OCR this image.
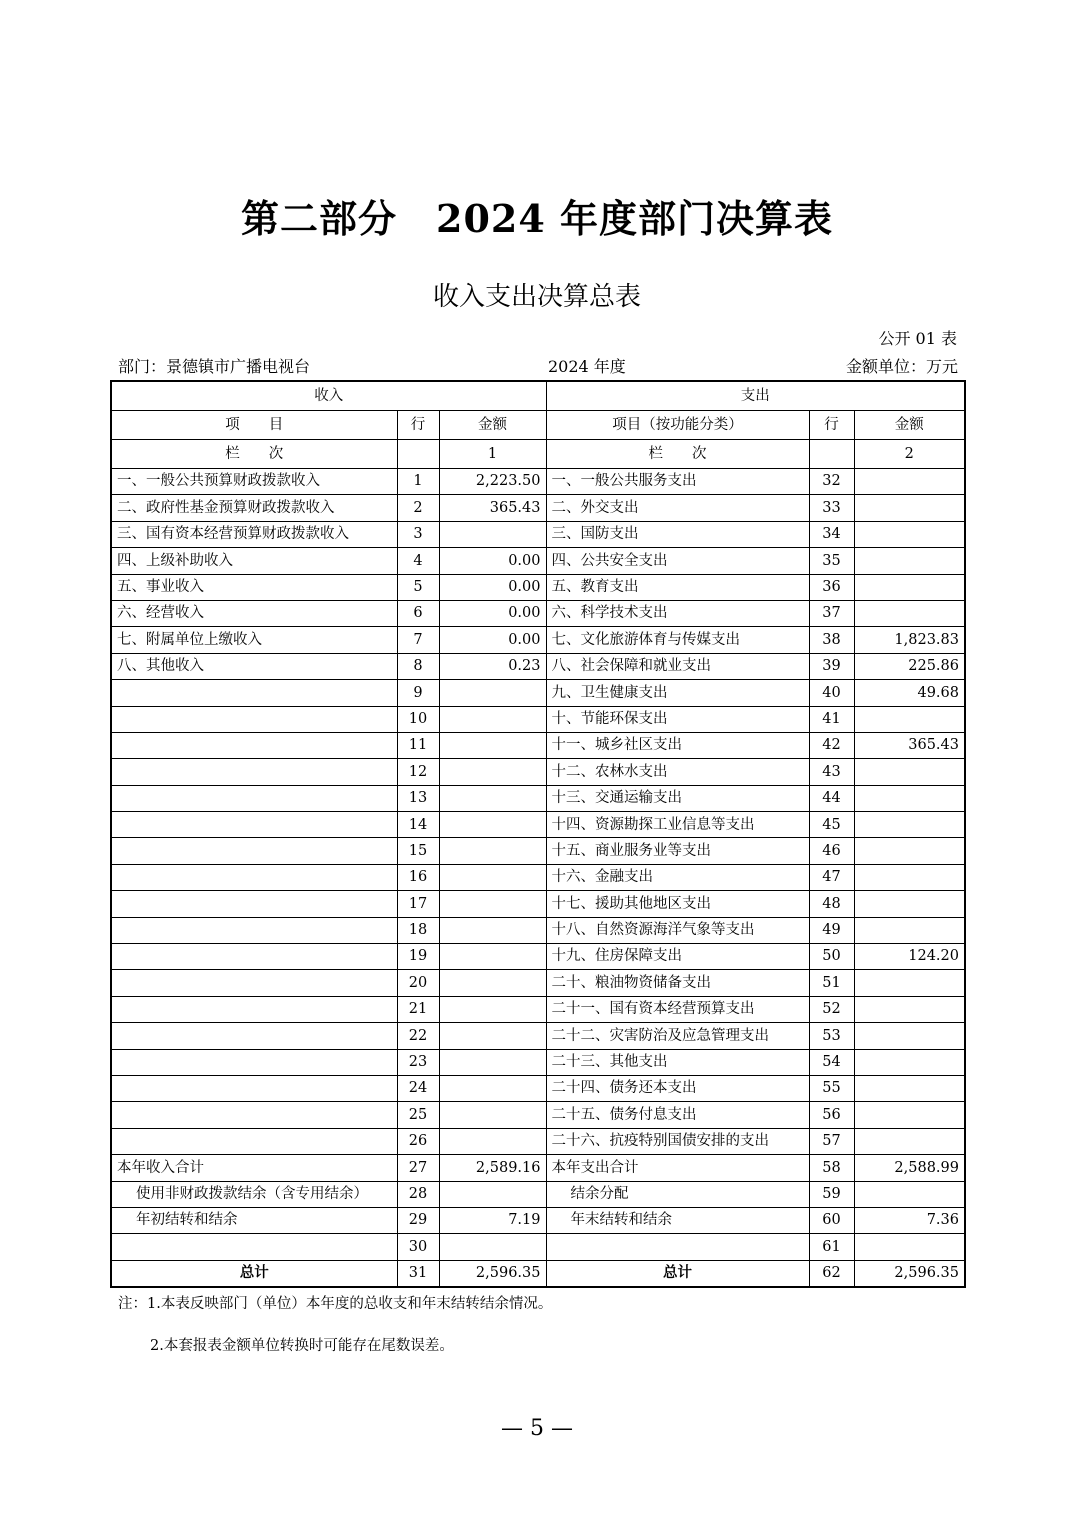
第二部分　2024 年度部门决算表
收入支出决算总表
公开 01 表
部门：景德镇市广播电视台	2024 年度	金额单位：万元
收入			支出		
项　　目	行	金额	项目（按功能分类）	行	金额
栏　　次		1	栏　　次		2
一、一般公共预算财政拨款收入	1	2,223.50	一、一般公共服务支出	32	
二、政府性基金预算财政拨款收入	2	365.43	二、外交支出	33	
三、国有资本经营预算财政拨款收入	3		三、国防支出	34	
四、上级补助收入	4	0.00	四、公共安全支出	35	
五、事业收入	5	0.00	五、教育支出	36	
六、经营收入	6	0.00	六、科学技术支出	37	
七、附属单位上缴收入	7	0.00	七、文化旅游体育与传媒支出	38	1,823.83
八、其他收入	8	0.23	八、社会保障和就业支出	39	225.86
	9		九、卫生健康支出	40	49.68
	10		十、节能环保支出	41	
	11		十一、城乡社区支出	42	365.43
	12		十二、农林水支出	43	
	13		十三、交通运输支出	44	
	14		十四、资源勘探工业信息等支出	45	
	15		十五、商业服务业等支出	46	
	16		十六、金融支出	47	
	17		十七、援助其他地区支出	48	
	18		十八、自然资源海洋气象等支出	49	
	19		十九、住房保障支出	50	124.20
	20		二十、粮油物资储备支出	51	
	21		二十一、国有资本经营预算支出	52	
	22		二十二、灾害防治及应急管理支出	53	
	23		二十三、其他支出	54	
	24		二十四、债务还本支出	55	
	25		二十五、债务付息支出	56	
	26		二十六、抗疫特别国债安排的支出	57	
本年收入合计	27	2,589.16	本年支出合计	58	2,588.99
使用非财政拨款结余（含专用结余）	28		结余分配	59	
年初结转和结余	29	7.19	年末结转和结余	60	7.36
	30			61	
总计	31	2,596.35	总计	62	2,596.35
注：1.本表反映部门（单位）本年度的总收支和年末结转结余情况。
2.本套报表金额单位转换时可能存在尾数误差。
— 5 —
